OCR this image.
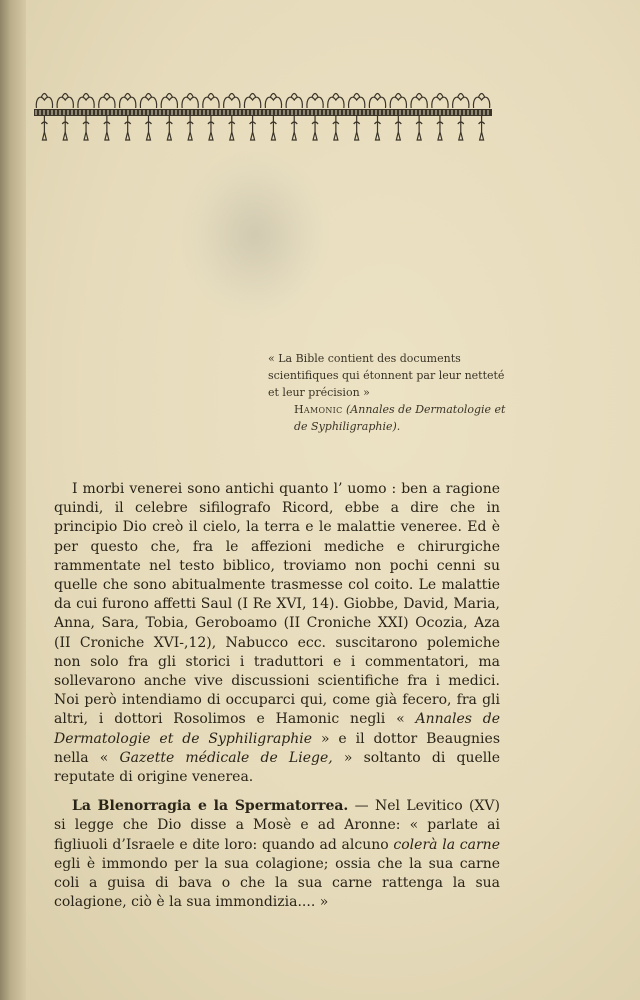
« La Bible contient des documents scientifiques qui étonnent par leur netteté et leur précision »
Hamonic (Annales de Dermatologie et de Syphiligraphie).

I morbi venerei sono antichi quanto l’ uomo : ben a ragione quindi, il celebre sifilografo Ricord, ebbe a dire che in principio Dio creò il cielo, la terra e le malattie veneree. Ed è per questo che, fra le affezioni mediche e chirurgiche rammentate nel testo biblico, troviamo non pochi cenni su quelle che sono abitualmente trasmesse col coito. Le malattie da cui furono affetti Saul (I Re XVI, 14). Giobbe, David, Maria, Anna, Sara, Tobia, Geroboamo (II Croniche XXI) Ocozia, Aza (II Croniche XVI-,12), Nabucco ecc. suscitarono polemiche non solo fra gli storici i traduttori e i commentatori, ma sollevarono anche vive discussioni scientifiche fra i medici. Noi però intendiamo di occuparci qui, come già fecero, fra gli altri, i dottori Rosolimos e Hamonic negli « Annales de Dermatologie et de Syphiligraphie » e il dottor Beaugnies nella « Gazette médicale de Liege, » soltanto di quelle reputate di origine venerea.

La Blenorragia e la Spermatorrea. — Nel Levitico (XV) si legge che Dio disse a Mosè e ad Aronne: « parlate ai figliuoli d’Israele e dite loro: quando ad alcuno colerà la carne egli è immondo per la sua colagione; ossia che la sua carne coli a guisa di bava o che la sua carne rattenga la sua colagione, ciò è la sua immondizia.... »
